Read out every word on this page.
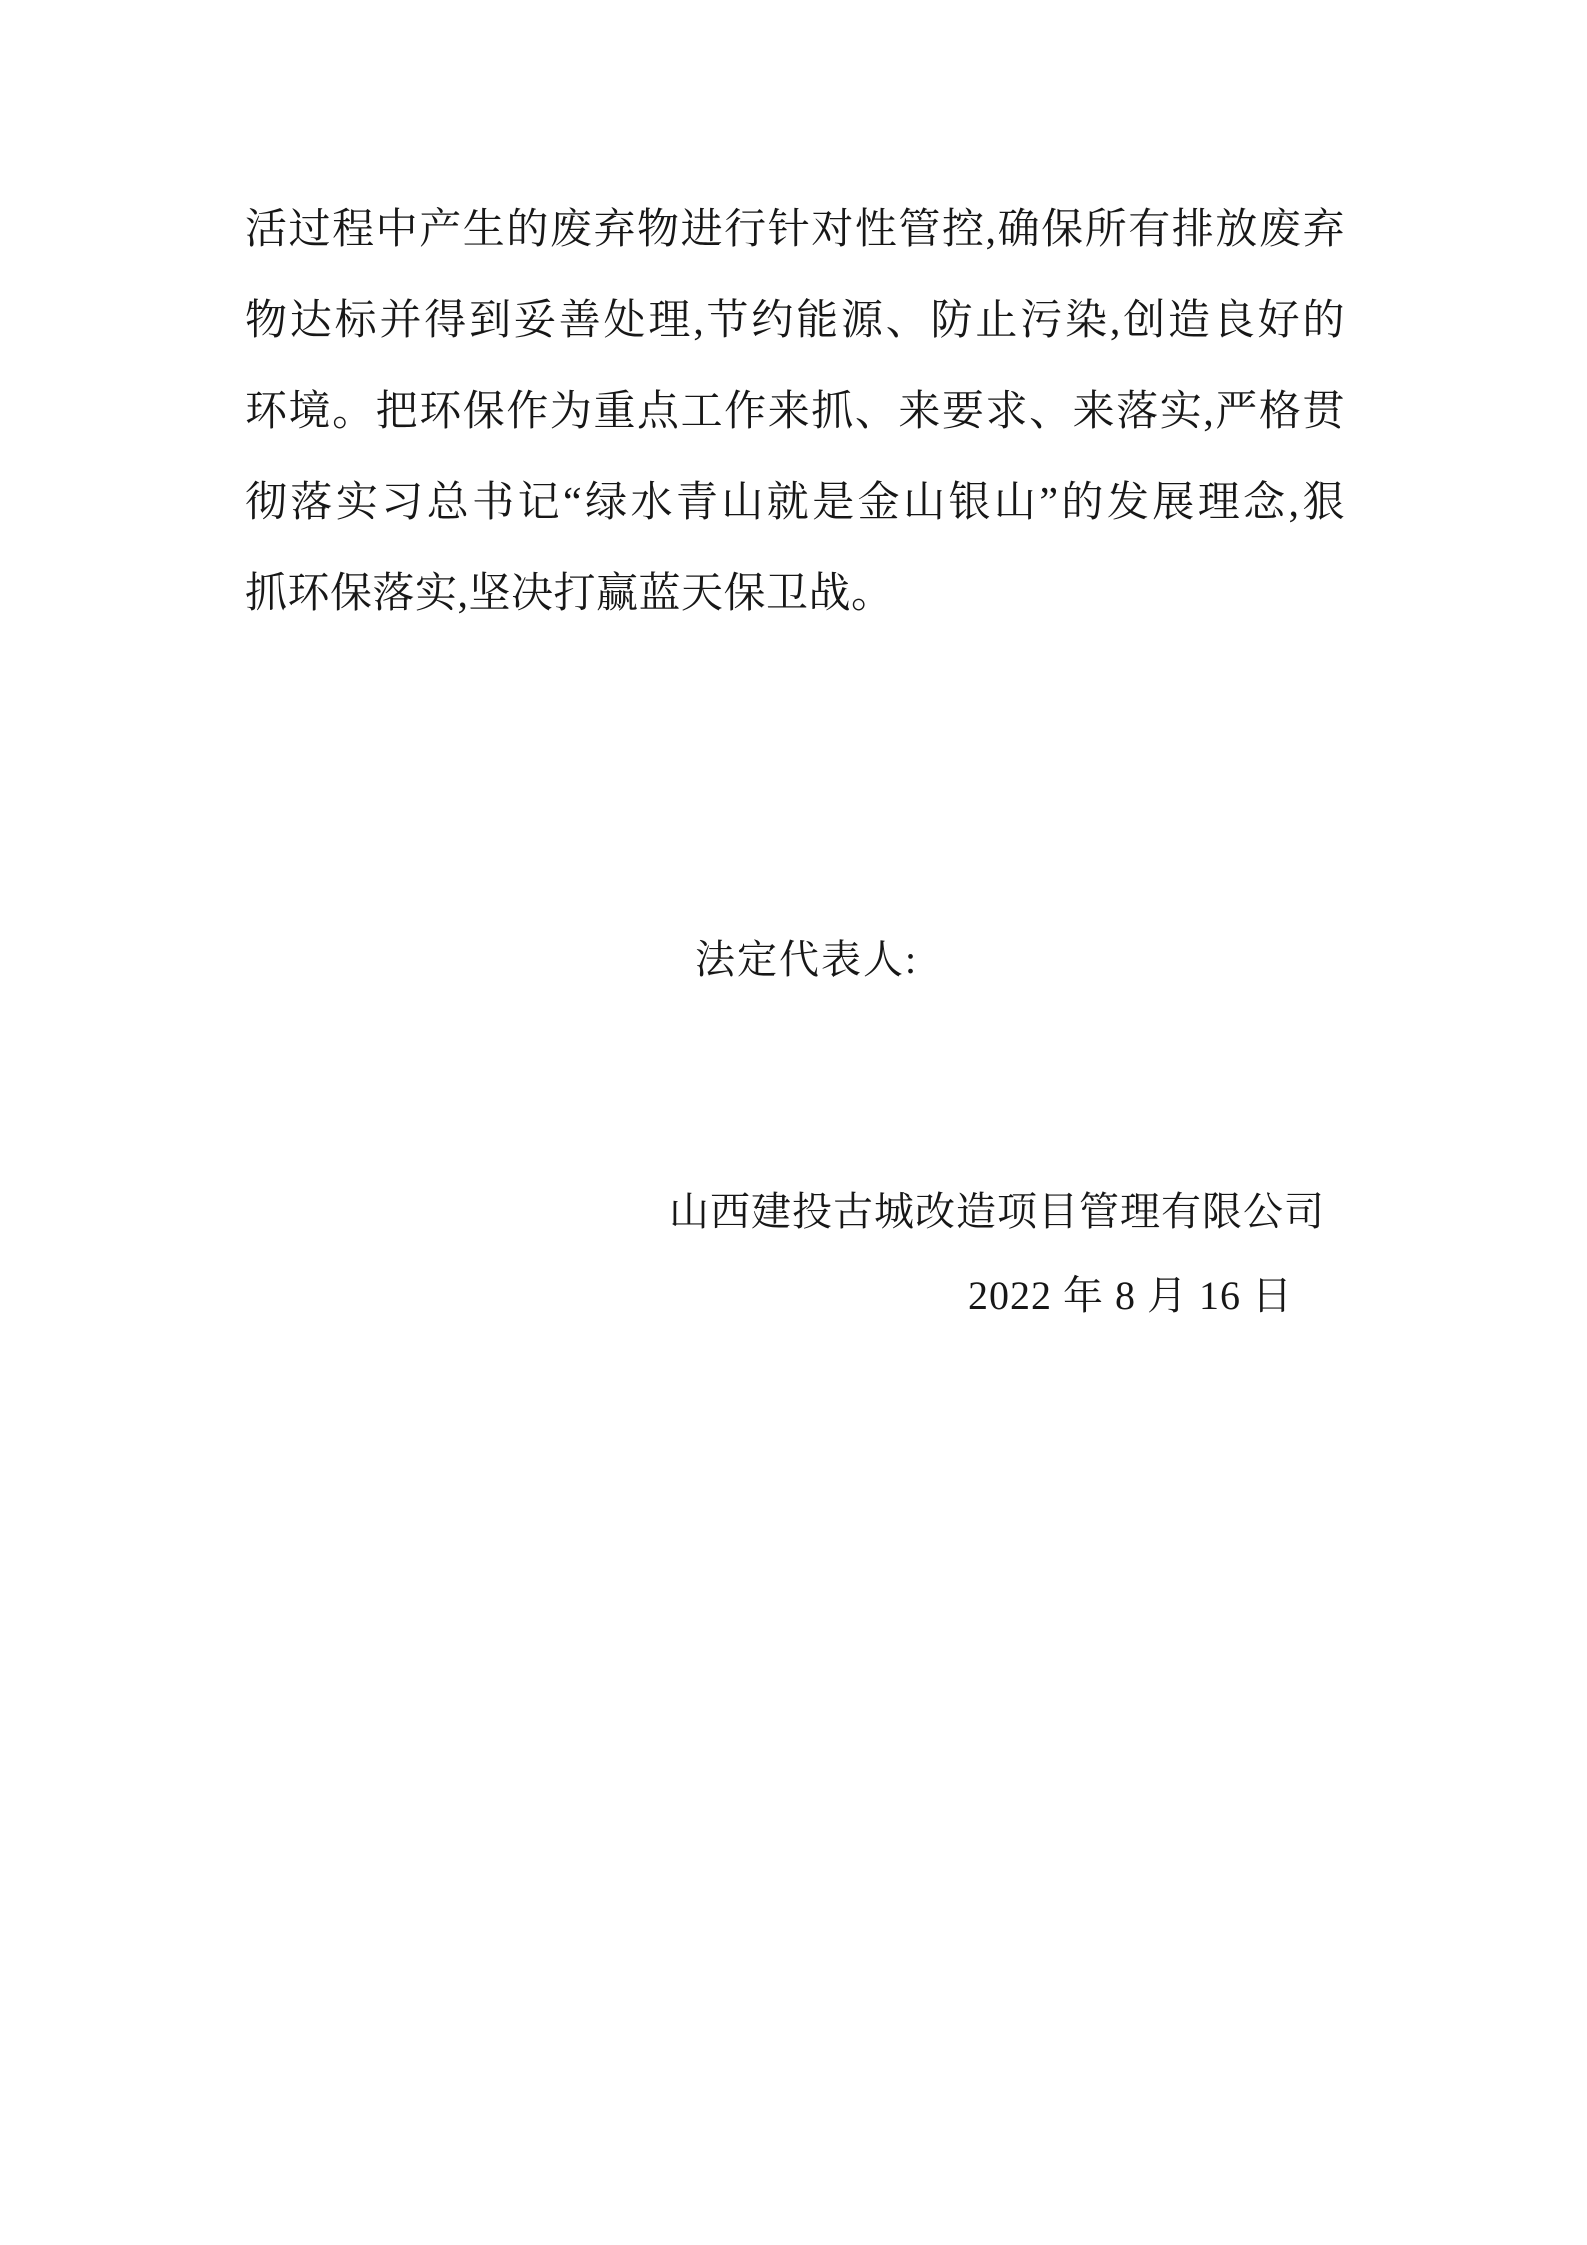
活过程中产生的废弃物进行针对性管控,确保所有排放废弃
物达标并得到妥善处理,节约能源、防止污染,创造良好的
环境。把环保作为重点工作来抓、来要求、来落实,严格贯
彻落实习总书记“绿水青山就是金山银山”的发展理念,狠
抓环保落实,坚决打赢蓝天保卫战。
法定代表人:
山西建投古城改造项目管理有限公司
2022 年 8 月 16 日
